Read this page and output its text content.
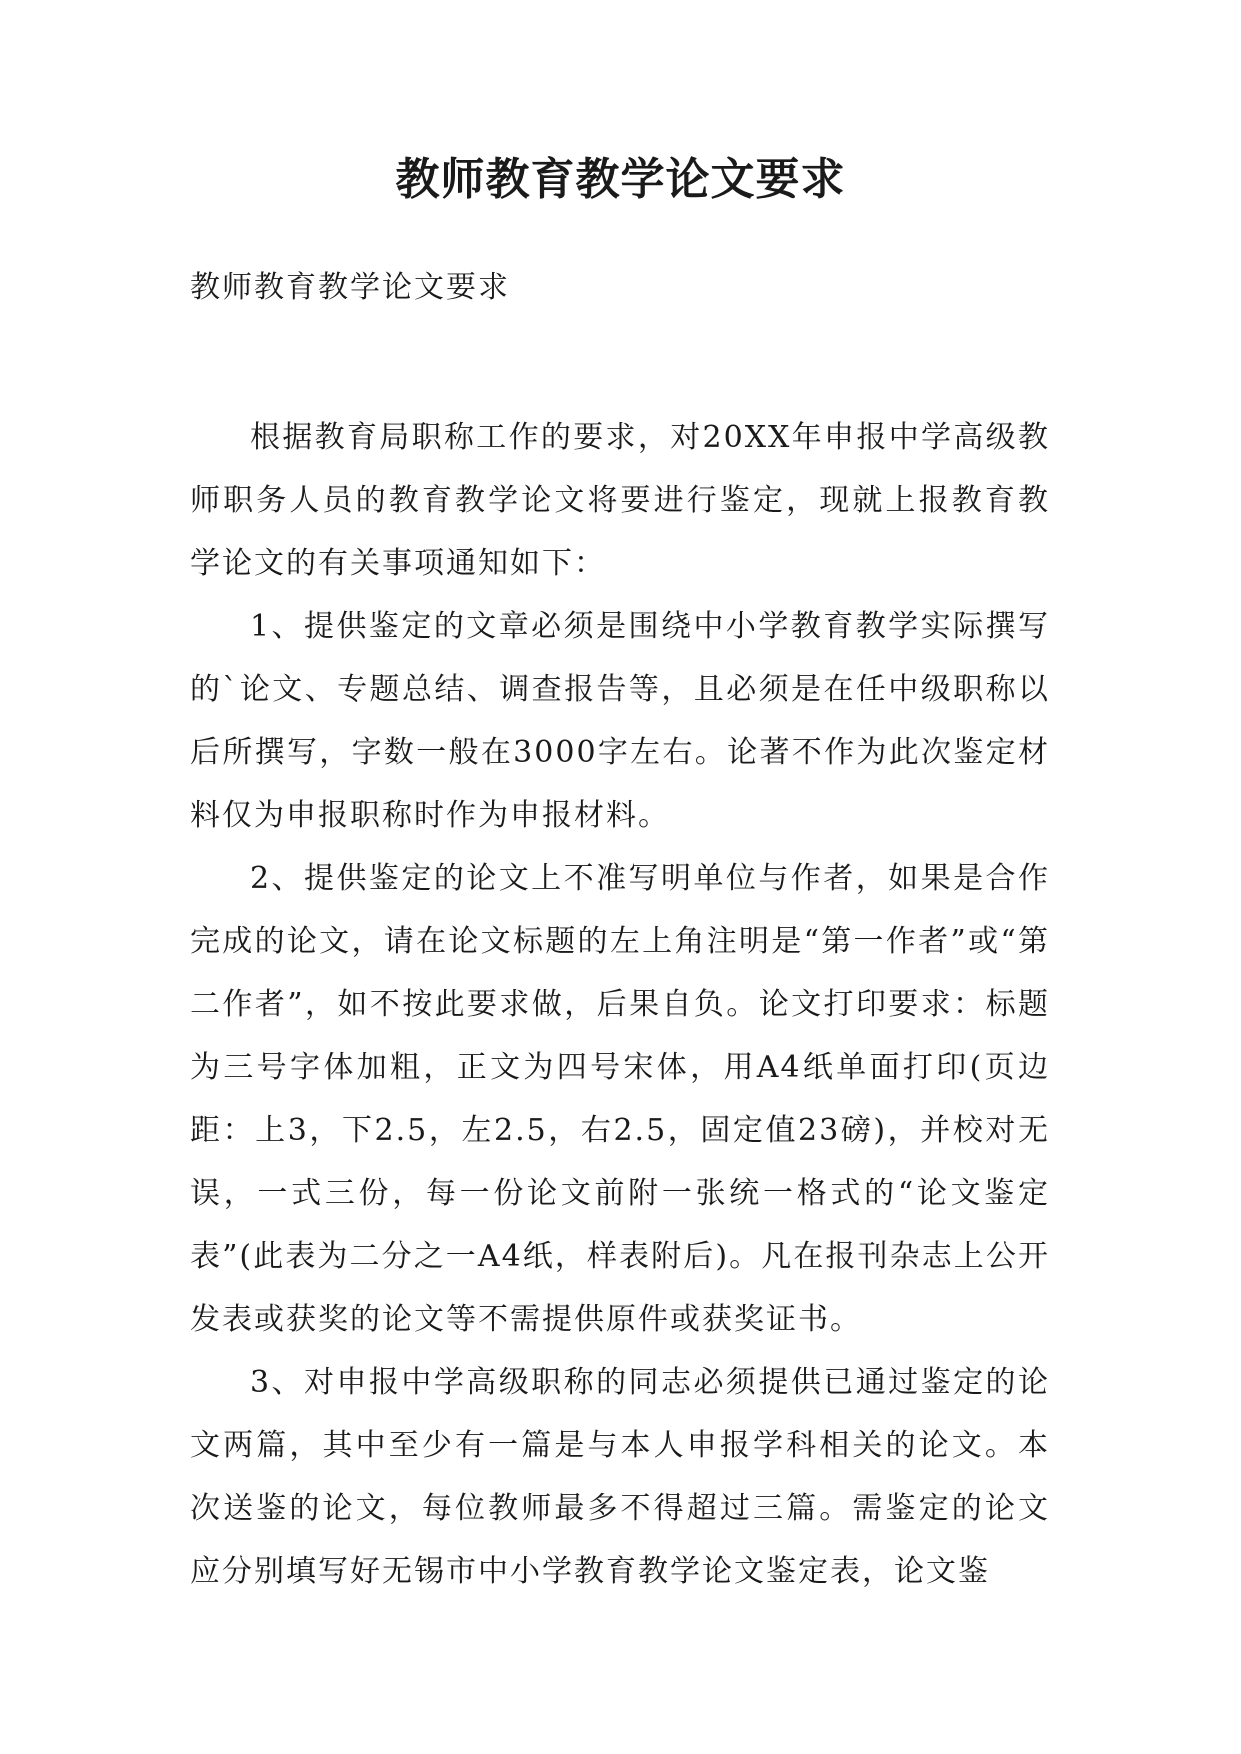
教师教育教学论文要求

教师教育教学论文要求

根据教育局职称工作的要求，对20XX年申报中学高级教师职务人员的教育教学论文将要进行鉴定，现就上报教育教学论文的有关事项通知如下：

1、提供鉴定的文章必须是围绕中小学教育教学实际撰写的`论文、专题总结、调查报告等，且必须是在任中级职称以后所撰写，字数一般在3000字左右。论著不作为此次鉴定材料仅为申报职称时作为申报材料。

2、提供鉴定的论文上不准写明单位与作者，如果是合作完成的论文，请在论文标题的左上角注明是“第一作者”或“第二作者”，如不按此要求做，后果自负。论文打印要求：标题为三号字体加粗，正文为四号宋体，用A4纸单面打印(页边距：上3，下2.5，左2.5，右2.5，固定值23磅)，并校对无误，一式三份，每一份论文前附一张统一格式的“论文鉴定表”(此表为二分之一A4纸，样表附后)。凡在报刊杂志上公开发表或获奖的论文等不需提供原件或获奖证书。

3、对申报中学高级职称的同志必须提供已通过鉴定的论文两篇，其中至少有一篇是与本人申报学科相关的论文。本次送鉴的论文，每位教师最多不得超过三篇。需鉴定的论文应分别填写好无锡市中小学教育教学论文鉴定表，论文鉴
